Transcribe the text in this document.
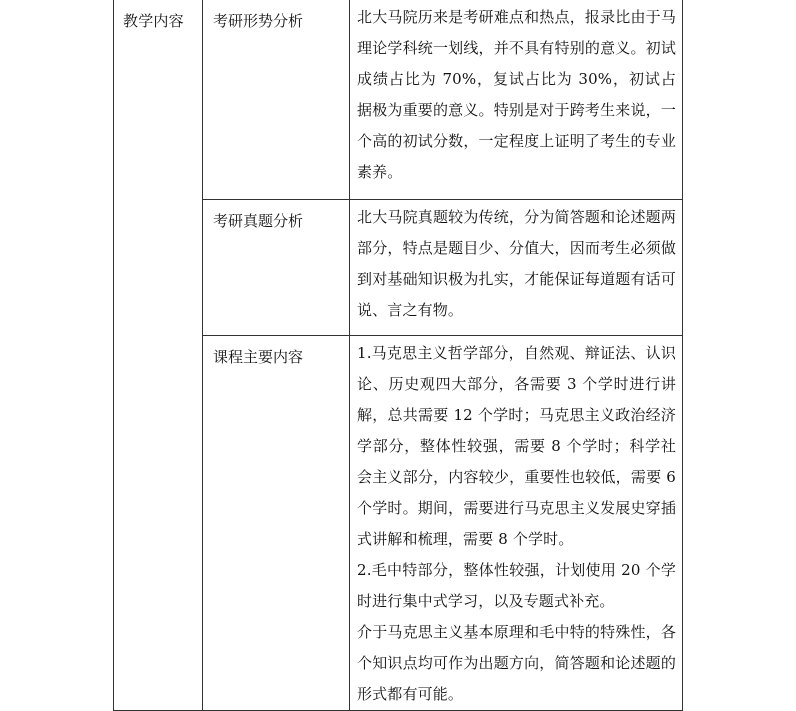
教学内容	考研形势分析	北大马院历来是考研难点和热点，报录比由于马理论学科统一划线，并不具有特别的意义。初试成绩占比为 70%，复试占比为 30%，初试占据极为重要的意义。特别是对于跨考生来说，一个高的初试分数，一定程度上证明了考生的专业素养。

	考研真题分析	北大马院真题较为传统，分为简答题和论述题两部分，特点是题目少、分值大，因而考生必须做到对基础知识极为扎实，才能保证每道题有话可说、言之有物。

	课程主要内容	1.马克思主义哲学部分，自然观、辩证法、认识论、历史观四大部分，各需要 3 个学时进行讲解，总共需要 12 个学时；马克思主义政治经济学部分，整体性较强，需要 8 个学时；科学社会主义部分，内容较少，重要性也较低，需要 6 个学时。期间，需要进行马克思主义发展史穿插式讲解和梳理，需要 8 个学时。

2.毛中特部分，整体性较强，计划使用 20 个学时进行集中式学习，以及专题式补充。

介于马克思主义基本原理和毛中特的特殊性，各个知识点均可作为出题方向，简答题和论述题的形式都有可能。
